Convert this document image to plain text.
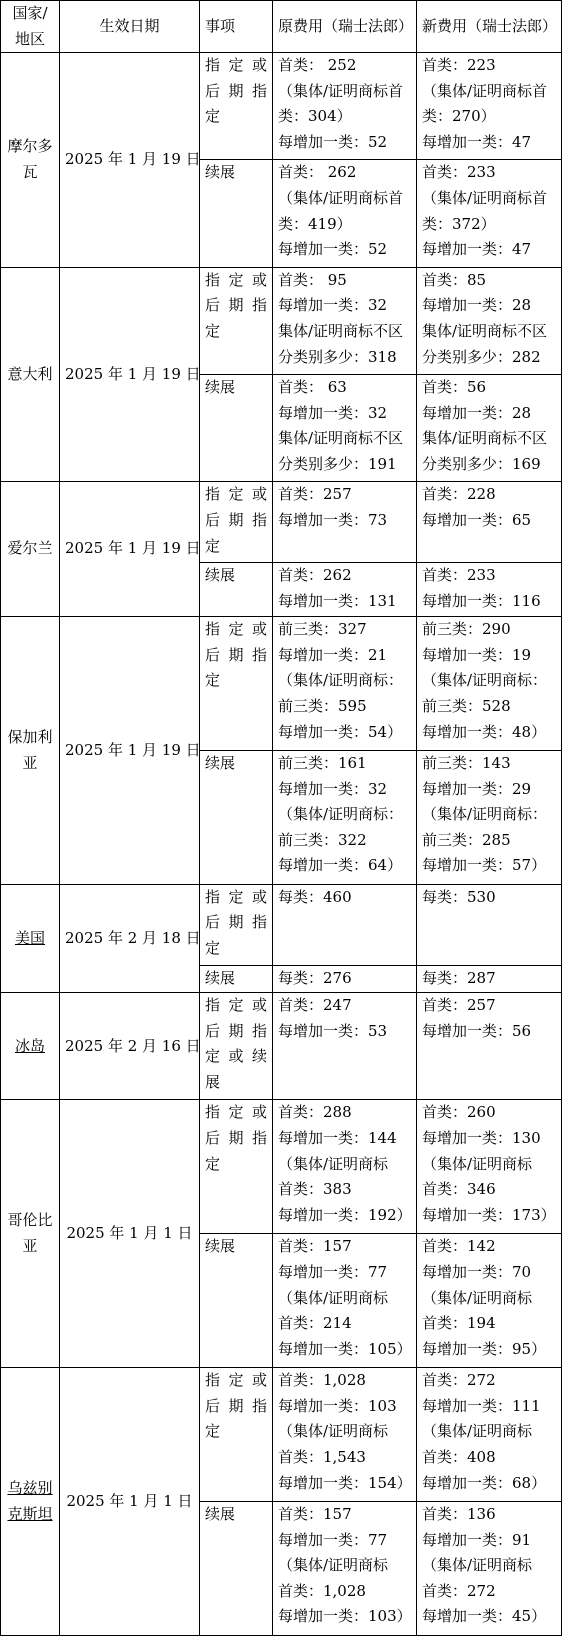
国家/地区	生效日期	事项	原费用（瑞士法郎）	新费用（瑞士法郎）
摩尔多瓦	2025 年 1 月 19 日	指 定 或 后 期 指 定	首类： 252
（集体/证明商标首类：304）
每增加一类：52	首类：223
（集体/证明商标首类：270）
每增加一类：47

		续展	首类： 262
（集体/证明商标首类：419）
每增加一类：52	首类：233
（集体/证明商标首类：372）
每增加一类：47

意大利	2025 年 1 月 19 日	指 定 或 后 期 指 定	首类： 95
每增加一类：32
集体/证明商标不区分类别多少：318	首类：85
每增加一类：28
集体/证明商标不区分类别多少：282

		续展	首类： 63
每增加一类：32
集体/证明商标不区分类别多少：191	首类：56
每增加一类：28
集体/证明商标不区分类别多少：169

爱尔兰	2025 年 1 月 19 日	指 定 或 后 期 指 定	首类：257
每增加一类：73	首类：228
每增加一类：65

		续展	首类：262
每增加一类：131	首类：233
每增加一类：116

保加利亚	2025 年 1 月 19 日	指 定 或 后 期 指 定	前三类：327
每增加一类：21
（集体/证明商标：
前三类：595
每增加一类：54）	前三类：290
每增加一类：19
（集体/证明商标：
前三类：528
每增加一类：48）

		续展	前三类：161
每增加一类：32
（集体/证明商标：
前三类：322
每增加一类：64）	前三类：143
每增加一类：29
（集体/证明商标：
前三类：285
每增加一类：57）

美国	2025 年 2 月 18 日	指 定 或 后 期 指 定	每类：460	每类：530

		续展	每类：276	每类：287

冰岛	2025 年 2 月 16 日	指 定 或 后 期 指 定 或 续 展	首类：247
每增加一类：53	首类：257
每增加一类：56

哥伦比亚	2025 年 1 月 1 日	指 定 或 后 期 指 定	首类：288
每增加一类：144
（集体/证明商标
首类：383
每增加一类：192）	首类：260
每增加一类：130
（集体/证明商标
首类：346
每增加一类：173）

		续展	首类：157
每增加一类：77
（集体/证明商标
首类：214
每增加一类：105）	首类：142
每增加一类：70
（集体/证明商标
首类：194
每增加一类：95）

乌兹别克斯坦	2025 年 1 月 1 日	指 定 或 后 期 指 定	首类：1,028
每增加一类：103
（集体/证明商标
首类：1,543
每增加一类：154）	首类：272
每增加一类：111
（集体/证明商标
首类：408
每增加一类：68）

		续展	首类：157
每增加一类：77
（集体/证明商标
首类：1,028
每增加一类：103）	首类：136
每增加一类：91
（集体/证明商标
首类：272
每增加一类：45）
